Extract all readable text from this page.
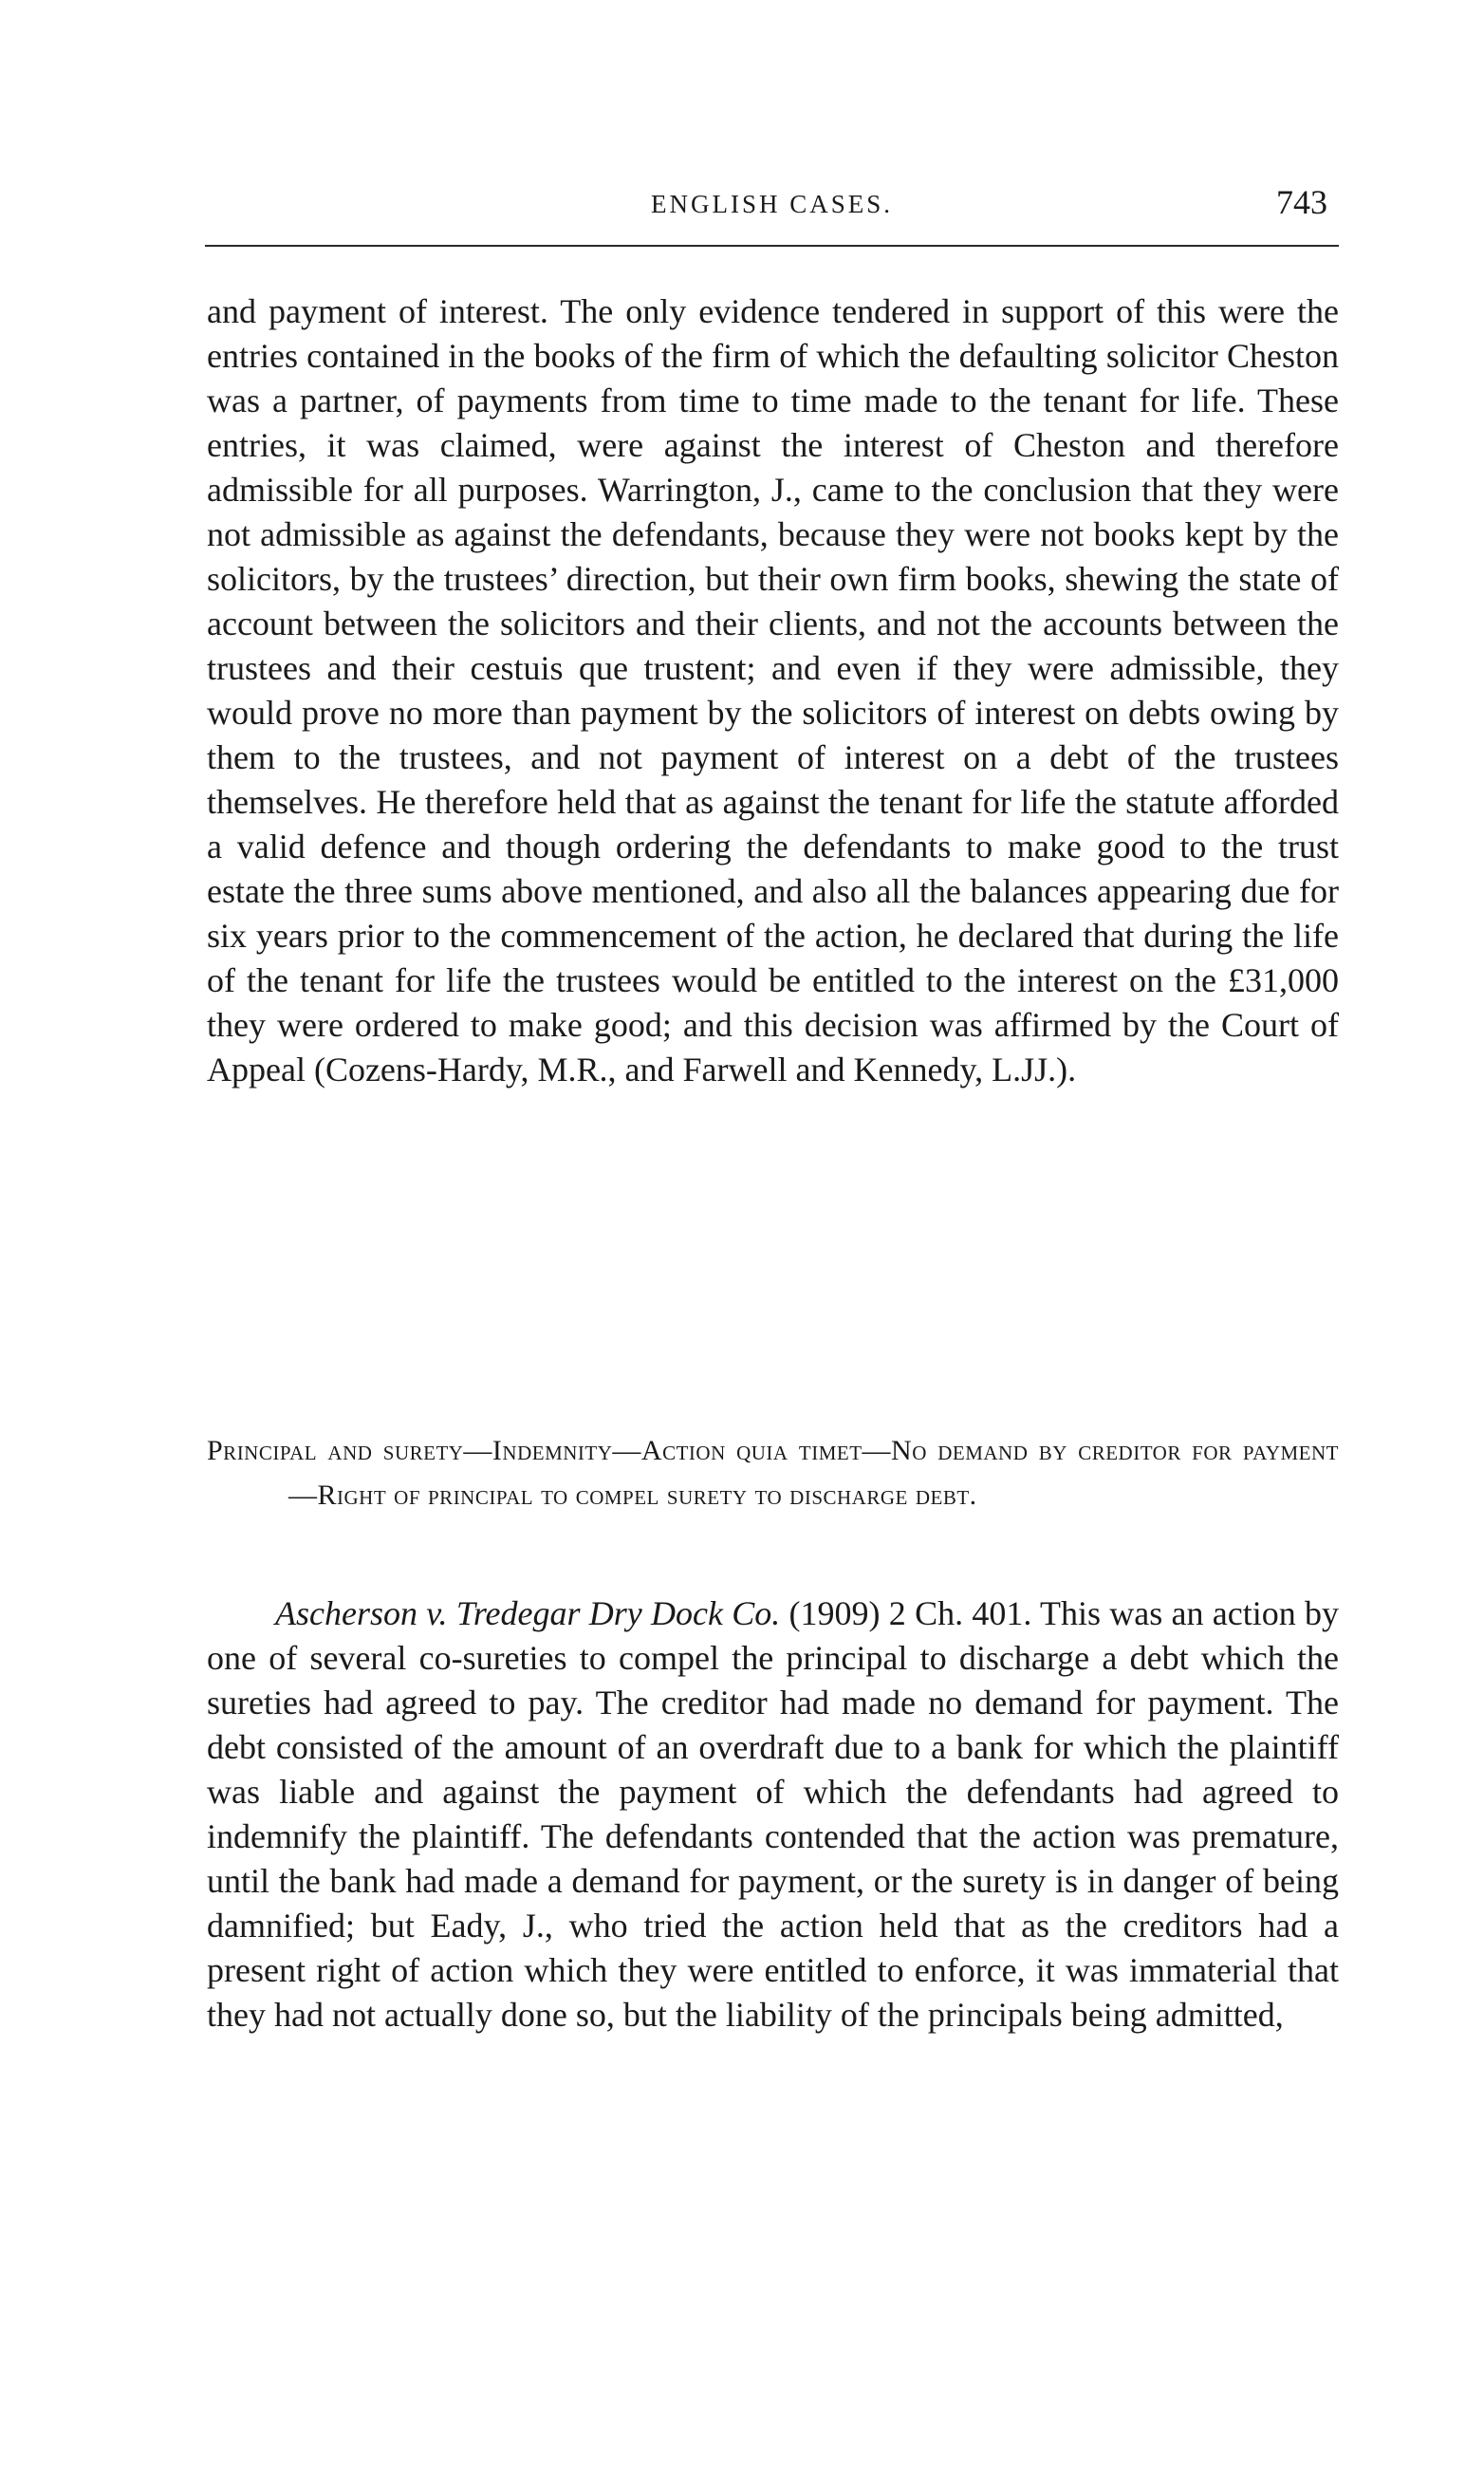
ENGLISH CASES.	743

and payment of interest. The only evidence tendered in support of this were the entries contained in the books of the firm of which the defaulting solicitor Cheston was a partner, of payments from time to time made to the tenant for life. These entries, it was claimed, were against the interest of Cheston and therefore admissible for all purposes. Warrington, J., came to the conclusion that they were not admissible as against the defendants, because they were not books kept by the solicitors, by the trustees’ direction, but their own firm books, shewing the state of account between the solicitors and their clients, and not the accounts between the trustees and their cestuis que trustent; and even if they were admissible, they would prove no more than payment by the solicitors of interest on debts owing by them to the trustees, and not payment of interest on a debt of the trustees themselves. He therefore held that as against the tenant for life the statute afforded a valid defence and though ordering the defendants to make good to the trust estate the three sums above mentioned, and also all the balances appearing due for six years prior to the commencement of the action, he declared that during the life of the tenant for life the trustees would be entitled to the interest on the £31,000 they were ordered to make good; and this decision was affirmed by the Court of Appeal (Cozens-Hardy, M.R., and Farwell and Kennedy, L.JJ.).

Principal and surety—Indemnity—Action quia timet—No demand by creditor for payment—Right of principal to compel surety to discharge debt.

Ascherson v. Tredegar Dry Dock Co. (1909) 2 Ch. 401. This was an action by one of several co-sureties to compel the principal to discharge a debt which the sureties had agreed to pay. The creditor had made no demand for payment. The debt consisted of the amount of an overdraft due to a bank for which the plaintiff was liable and against the payment of which the defendants had agreed to indemnify the plaintiff. The defendants contended that the action was premature, until the bank had made a demand for payment, or the surety is in danger of being damnified; but Eady, J., who tried the action held that as the creditors had a present right of action which they were entitled to enforce, it was immaterial that they had not actually done so, but the liability of the principals being admitted,
